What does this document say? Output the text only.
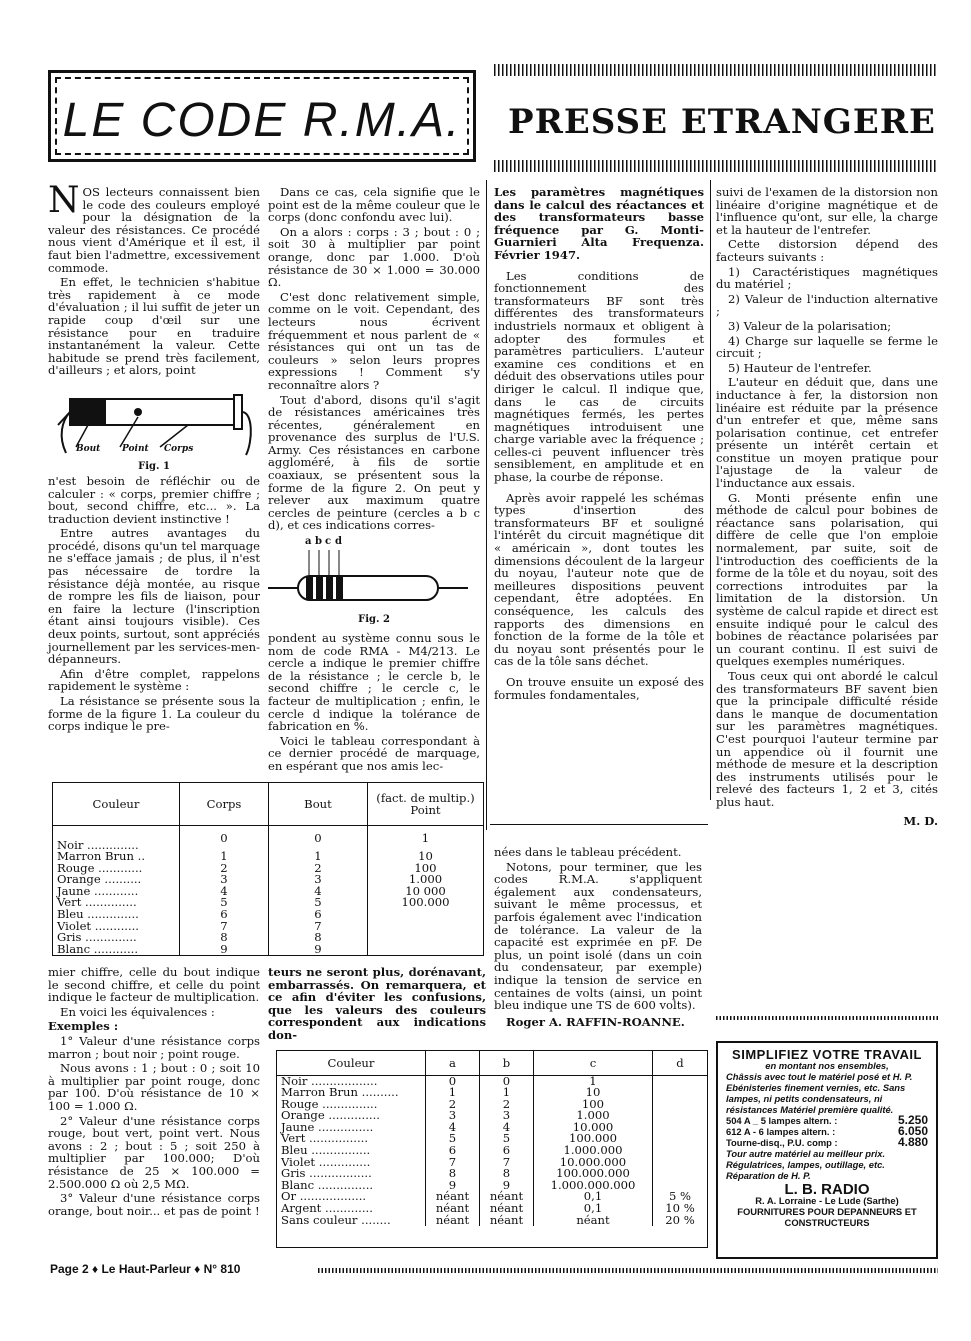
LE CODE R.M.A.	PRESSE ETRANGERE

NOS lecteurs connaissent bien le code des couleurs employé pour la désignation de la valeur des résistances. Ce procédé nous vient d'Amérique et il est, il faut bien l'admettre, excessivement commode.

En effet, le technicien s'habitue très rapidement à ce mode d'évaluation ; il lui suffit de jeter un rapide coup d'œil sur une résistance pour en traduire instantanément la valeur. Cette habitude se prend très facilement, d'ailleurs ; et alors, point

Bout Point Corps
Fig. 1

n'est besoin de réfléchir ou de calculer : « corps, premier chiffre ; bout, second chiffre, etc... ». La traduction devient instinctive !

Entre autres avantages du procédé, disons qu'un tel marquage ne s'efface jamais ; de plus, il n'est pas nécessaire de tordre la résistance déjà montée, au risque de rompre les fils de liaison, pour en faire la lecture (l'inscription étant ainsi toujours visible). Ces deux points, surtout, sont appréciés journellement par les services-men-dépanneurs.

Afin d'être complet, rappelons rapidement le système :

La résistance se présente sous la forme de la figure 1. La couleur du corps indique le pre-

Dans ce cas, cela signifie que le point est de la même couleur que le corps (donc confondu avec lui).

On a alors : corps : 3 ; bout : 0 ; soit 30 à multiplier par point orange, donc par 1.000. D'où résistance de 30 × 1.000 = 30.000 Ω.

C'est donc relativement simple, comme on le voit. Cependant, des lecteurs nous écrivent fréquemment et nous parlent de « résistances qui ont un tas de couleurs » selon leurs propres expressions ! Comment s'y reconnaître alors ?

Tout d'abord, disons qu'il s'agit de résistances américaines très récentes, généralement en provenance des surplus de l'U.S. Army. Ces résistances en carbone aggloméré, à fils de sortie coaxiaux, se présentent sous la forme de la figure 2. On peut y relever aux maximum quatre cercles de peinture (cercles a b c d), et ces indications corres-

a b c d
Fig. 2

pondent au système connu sous le nom de code RMA - M4/213. Le cercle a indique le premier chiffre de la résistance ; le cercle b, le second chiffre ; le cercle c, le facteur de multiplication ; enfin, le cercle d indique la tolérance de fabrication en %.

Voici le tableau correspondant à ce dernier procédé de marquage, en espérant que nos amis lec-

Couleur	Corps	Bout	(fact. de multip.) Point
Noir ..............	0	0	1
Marron Brun ..	1	1	10
Rouge ............	2	2	100
Orange ..........	3	3	1.000
Jaune ............	4	4	10 000
Vert ..............	5	5	100.000
Bleu ..............	6	6	
Violet ............	7	7	
Gris ..............	8	8	
Blanc ............	9	9	

mier chiffre, celle du bout indique le second chiffre, et celle du point indique le facteur de multiplication.

En voici les équivalences :

Exemples :

1° Valeur d'une résistance corps marron ; bout noir ; point rouge.

Nous avons : 1 ; bout : 0 ; soit 10 à multiplier par point rouge, donc par 100. D'où résistance de 10 × 100 = 1.000 Ω.

2° Valeur d'une résistance corps rouge, bout vert, point vert. Nous avons : 2 ; bout : 5 ; soit 250 à multiplier par 100.000; D'où résistance de 25 × 100.000 = 2.500.000 Ω où 2,5 MΩ.

3° Valeur d'une résistance corps orange, bout noir... et pas de point !

teurs ne seront plus, dorénavant, embarrassés. On remarquera, et ce afin d'éviter les confusions, que les valeurs des couleurs correspondent aux indications don-

nées dans le tableau précédent.

Notons, pour terminer, que les codes R.M.A. s'appliquent également aux condensateurs, suivant le même processus, et parfois également avec l'indication de tolérance. La valeur de la capacité est exprimée en pF. De plus, un point isolé (dans un coin du condensateur, par exemple) indique la tension de service en centaines de volts (ainsi, un point bleu indique une TS de 600 volts).

Roger A. RAFFIN-ROANNE.

Couleur	a	b	c	d
Noir ..................	0	0	1	
Marron Brun ..........	1	1	10	
Rouge ...............	2	2	100	
Orange ..............	3	3	1.000	
Jaune ...............	4	4	10.000	
Vert ................	5	5	100.000	
Bleu ................	6	6	1.000.000	
Violet ..............	7	7	10.000.000	
Gris .................	8	8	100.000.000	
Blanc ...............	9	9	1.000.000.000	
Or ..................	néant	néant	0,1	5 %
Argent .............	néant	néant	0,1	10 %
Sans couleur ........	néant	néant	néant	20 %

Les paramètres magnétiques dans le calcul des réactances et des transformateurs basse fréquence par G. Monti-Guarnieri Alta Frequenza. Février 1947.

Les conditions de fonctionnement des transformateurs BF sont très différentes des transformateurs industriels normaux et obligent à adopter des formules et paramètres particuliers. L'auteur examine ces conditions et en déduit des observations utiles pour diriger le calcul. Il indique que, dans le cas de circuits magnétiques fermés, les pertes magnétiques introduisent une charge variable avec la fréquence ; celles-ci peuvent influencer très sensiblement, en amplitude et en phase, la courbe de réponse.

Après avoir rappelé les schémas types d'insertion des transformateurs BF et souligné l'intérêt du circuit magnétique dit « américain », dont toutes les dimensions découlent de la largeur du noyau, l'auteur note que de meilleures dispositions peuvent cependant, être adoptées. En conséquence, les calculs des rapports des dimensions en fonction de la forme de la tôle et du noyau sont présentés pour le cas de la tôle sans déchet.

On trouve ensuite un exposé des formules fondamentales,

suivi de l'examen de la distorsion non linéaire d'origine magnétique et de l'influence qu'ont, sur elle, la charge et la hauteur de l'entrefer.

Cette distorsion dépend des facteurs suivants :

1) Caractéristiques magnétiques du matériel ;

2) Valeur de l'induction alternative ;

3) Valeur de la polarisation;

4) Charge sur laquelle se ferme le circuit ;

5) Hauteur de l'entrefer.

L'auteur en déduit que, dans une inductance à fer, la distorsion non linéaire est réduite par la présence d'un entrefer et que, même sans polarisation continue, cet entrefer présente un intérêt certain et constitue un moyen pratique pour l'ajustage de la valeur de l'inductance aux essais.

G. Monti présente enfin une méthode de calcul pour bobines de réactance sans polarisation, qui diffère de celle que l'on emploie normalement, par suite, soit de l'introduction des coefficients de la forme de la tôle et du noyau, soit des corrections introduites par la limitation de la distorsion. Un système de calcul rapide et direct est ensuite indiqué pour le calcul des bobines de réactance polarisées par un courant continu. Il est suivi de quelques exemples numériques.

Tous ceux qui ont abordé le calcul des transformateurs BF savent bien que la principale difficulté réside dans le manque de documentation sur les paramètres magnétiques. C'est pourquoi l'auteur termine par un appendice où il fournit une méthode de mesure et la description des instruments utilisés pour le relevé des facteurs 1, 2 et 3, cités plus haut.

M. D.

SIMPLIFIEZ VOTRE TRAVAIL
en montant nos ensembles,
Châssis avec tout le matériel posé et H. P. Ebénisteries finement vernies, etc. Sans lampes, ni petits condensateurs, ni résistances Matériel première qualité.
504 A _ 5 lampes altern. :	5.250
612 A - 6 lampes altern. :	6.050
Tourne-disq., P.U. comp :	4.880
Tour autre matériel au meilleur prix. Régulatrices, lampes, outillage, etc. Réparation de H. P.
L. B. RADIO
R. A. Lorraine - Le Lude (Sarthe)
FOURNITURES POUR DEPANNEURS ET CONSTRUCTEURS
Page 2 ♦ Le Haut-Parleur ♦ N° 810
